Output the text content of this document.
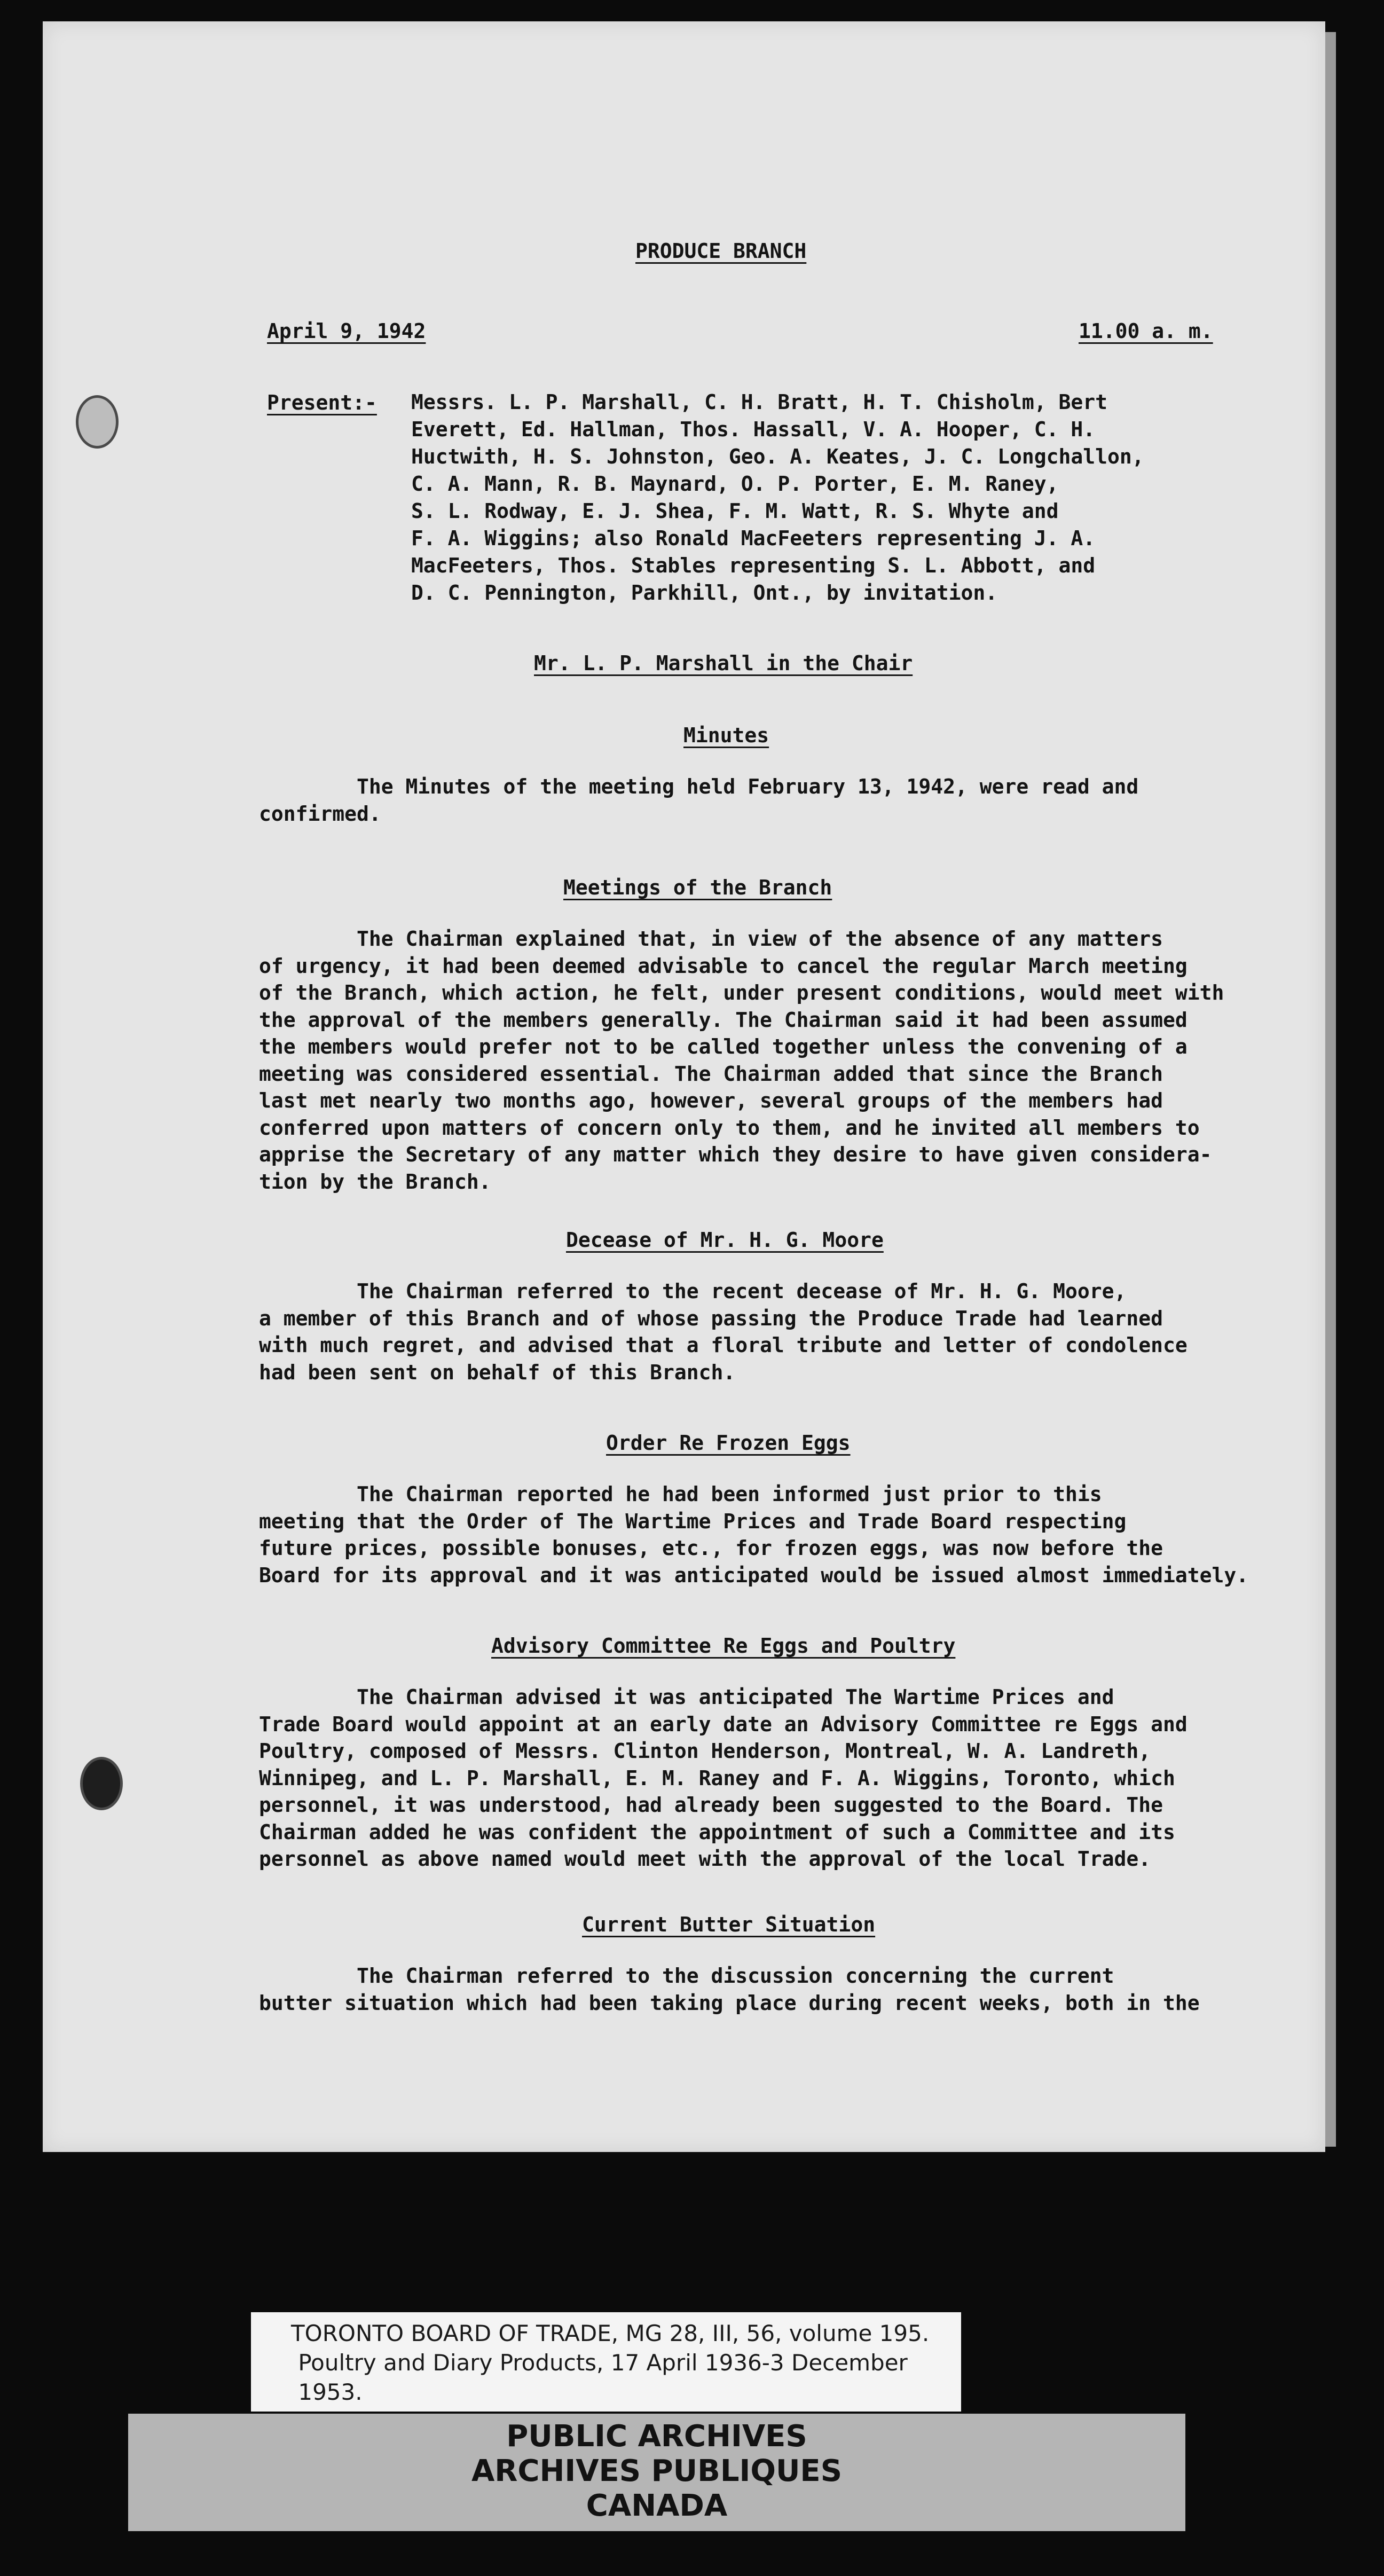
PRODUCE BRANCH
April 9, 1942	11.00 a. m.
Present:- Messrs. L. P. Marshall, C. H. Bratt, H. T. Chisholm, Bert

Everett, Ed. Hallman, Thos. Hassall, V. A. Hooper, C. H.

Huctwith, H. S. Johnston, Geo. A. Keates, J. C. Longchallon,

C. A. Mann, R. B. Maynard, O. P. Porter, E. M. Raney,

S. L. Rodway, E. J. Shea, F. M. Watt, R. S. Whyte and

F. A. Wiggins; also Ronald MacFeeters representing J. A.

MacFeeters, Thos. Stables representing S. L. Abbott, and

D. C. Pennington, Parkhill, Ont., by invitation.

Mr. L. P. Marshall in the Chair
Minutes

The Minutes of the meeting held February 13, 1942, were read and

confirmed.

Meetings of the Branch

The Chairman explained that, in view of the absence of any matters

of urgency, it had been deemed advisable to cancel the regular March meeting

of the Branch, which action, he felt, under present conditions, would meet with

the approval of the members generally. The Chairman said it had been assumed

the members would prefer not to be called together unless the convening of a

meeting was considered essential. The Chairman added that since the Branch

last met nearly two months ago, however, several groups of the members had

conferred upon matters of concern only to them, and he invited all members to

apprise the Secretary of any matter which they desire to have given considera-

tion by the Branch.

Decease of Mr. H. G. Moore

The Chairman referred to the recent decease of Mr. H. G. Moore,

a member of this Branch and of whose passing the Produce Trade had learned

with much regret, and advised that a floral tribute and letter of condolence

had been sent on behalf of this Branch.

Order Re Frozen Eggs

The Chairman reported he had been informed just prior to this

meeting that the Order of The Wartime Prices and Trade Board respecting

future prices, possible bonuses, etc., for frozen eggs, was now before the

Board for its approval and it was anticipated would be issued almost immediately.

Advisory Committee Re Eggs and Poultry

The Chairman advised it was anticipated The Wartime Prices and

Trade Board would appoint at an early date an Advisory Committee re Eggs and

Poultry, composed of Messrs. Clinton Henderson, Montreal, W. A. Landreth,

Winnipeg, and L. P. Marshall, E. M. Raney and F. A. Wiggins, Toronto, which

personnel, it was understood, had already been suggested to the Board. The

Chairman added he was confident the appointment of such a Committee and its

personnel as above named would meet with the approval of the local Trade.

Current Butter Situation

The Chairman referred to the discussion concerning the current

butter situation which had been taking place during recent weeks, both in the

TORONTO BOARD OF TRADE, MG 28, III, 56, volume 195.
Poultry and Diary Products, 17 April 1936-3 December
1953.
PUBLIC ARCHIVES
ARCHIVES PUBLIQUES
CANADA
